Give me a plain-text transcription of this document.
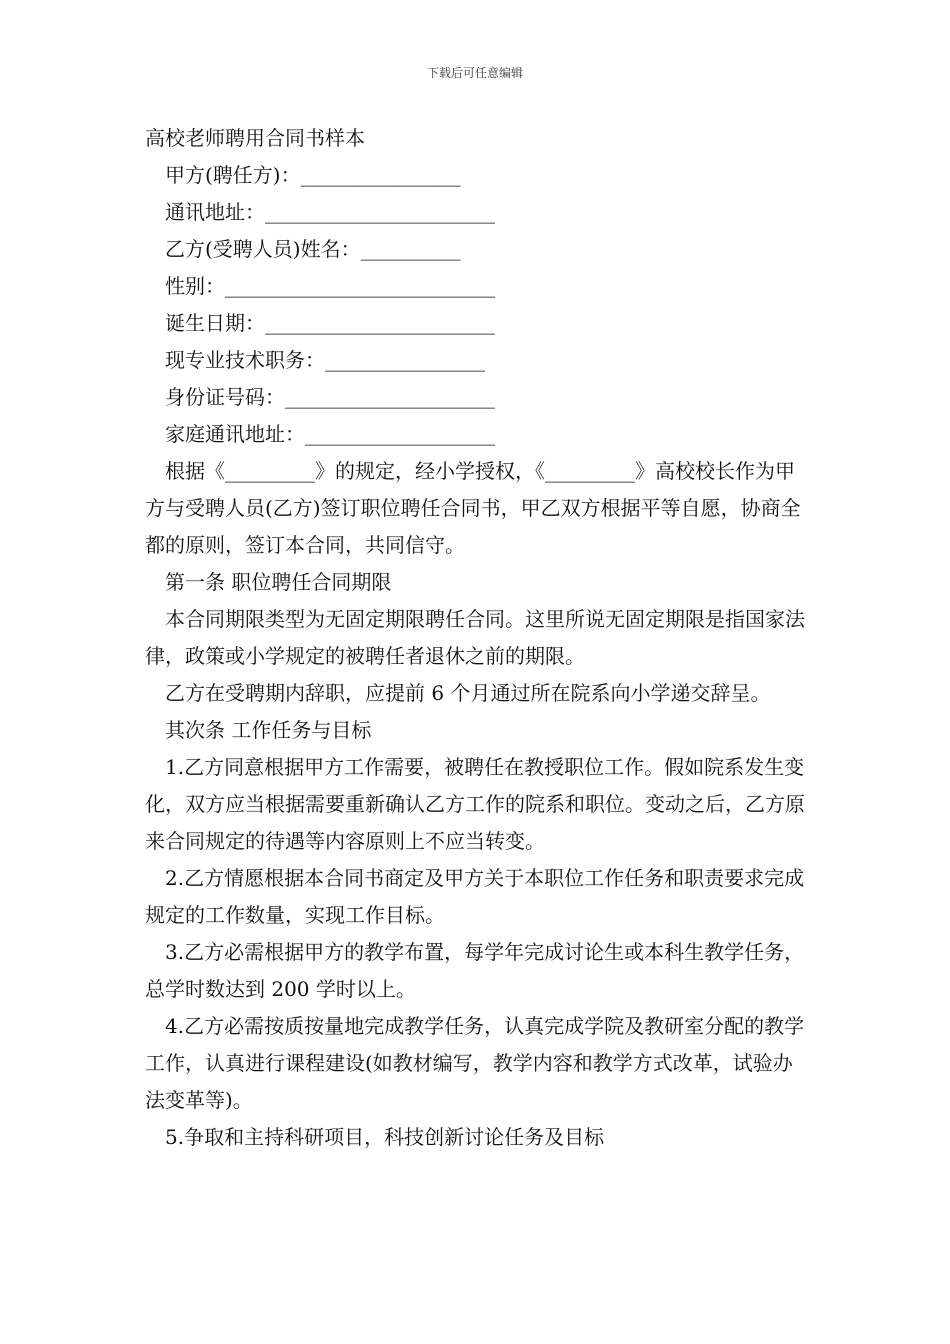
下载后可任意编辑

高校老师聘用合同书样本

甲方(聘任方)：________________

通讯地址：_______________________

乙方(受聘人员)姓名：__________

性别：___________________________

诞生日期：_______________________

现专业技术职务：________________

身份证号码：_____________________

家庭通讯地址：___________________

根据《_________》的规定，经小学授权，《_________》高校校长作为甲方与受聘人员(乙方)签订职位聘任合同书，甲乙双方根据平等自愿，协商全都的原则，签订本合同，共同信守。

第一条 职位聘任合同期限

本合同期限类型为无固定期限聘任合同。这里所说无固定期限是指国家法律，政策或小学规定的被聘任者退休之前的期限。

乙方在受聘期内辞职，应提前 6 个月通过所在院系向小学递交辞呈。

其次条 工作任务与目标

1.乙方同意根据甲方工作需要，被聘任在教授职位工作。假如院系发生变化，双方应当根据需要重新确认乙方工作的院系和职位。变动之后，乙方原来合同规定的待遇等内容原则上不应当转变。

2.乙方情愿根据本合同书商定及甲方关于本职位工作任务和职责要求完成规定的工作数量，实现工作目标。

3.乙方必需根据甲方的教学布置，每学年完成讨论生或本科生教学任务，总学时数达到 200 学时以上。

4.乙方必需按质按量地完成教学任务，认真完成学院及教研室分配的教学工作，认真进行课程建设(如教材编写，教学内容和教学方式改革，试验办法变革等)。

5.争取和主持科研项目，科技创新讨论任务及目标
